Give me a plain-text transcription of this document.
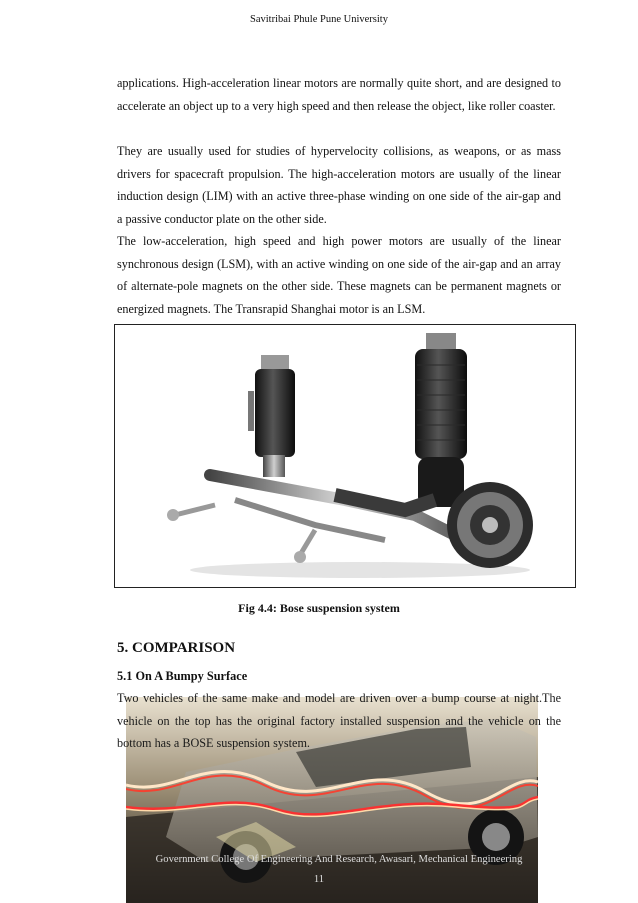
Savitribai Phule Pune University

applications. High-acceleration linear motors are normally quite short, and are designed to accelerate an object up to a very high speed and then release the object, like roller coaster.

They are usually used for studies of hypervelocity collisions, as weapons, or as mass drivers for spacecraft propulsion. The high-acceleration motors are usually of the linear induction design (LIM) with an active three-phase winding on one side of the air-gap and a passive conductor plate on the other side.

The low-acceleration, high speed and high power motors are usually of the linear synchronous design (LSM), with an active winding on one side of the air-gap and an array of alternate-pole magnets on the other side. These magnets can be permanent magnets or energized magnets. The Transrapid Shanghai motor is an LSM.

Fig 4.4: Bose suspension system
5. COMPARISON
5.1 On A Bumpy Surface

Two vehicles of the same make and model are driven over a bump course at night.The vehicle on the top has the original factory installed suspension and the vehicle on the bottom has a BOSE suspension system.

Government College Of Engineering And Research, Awasari, Mechanical Engineering
11
